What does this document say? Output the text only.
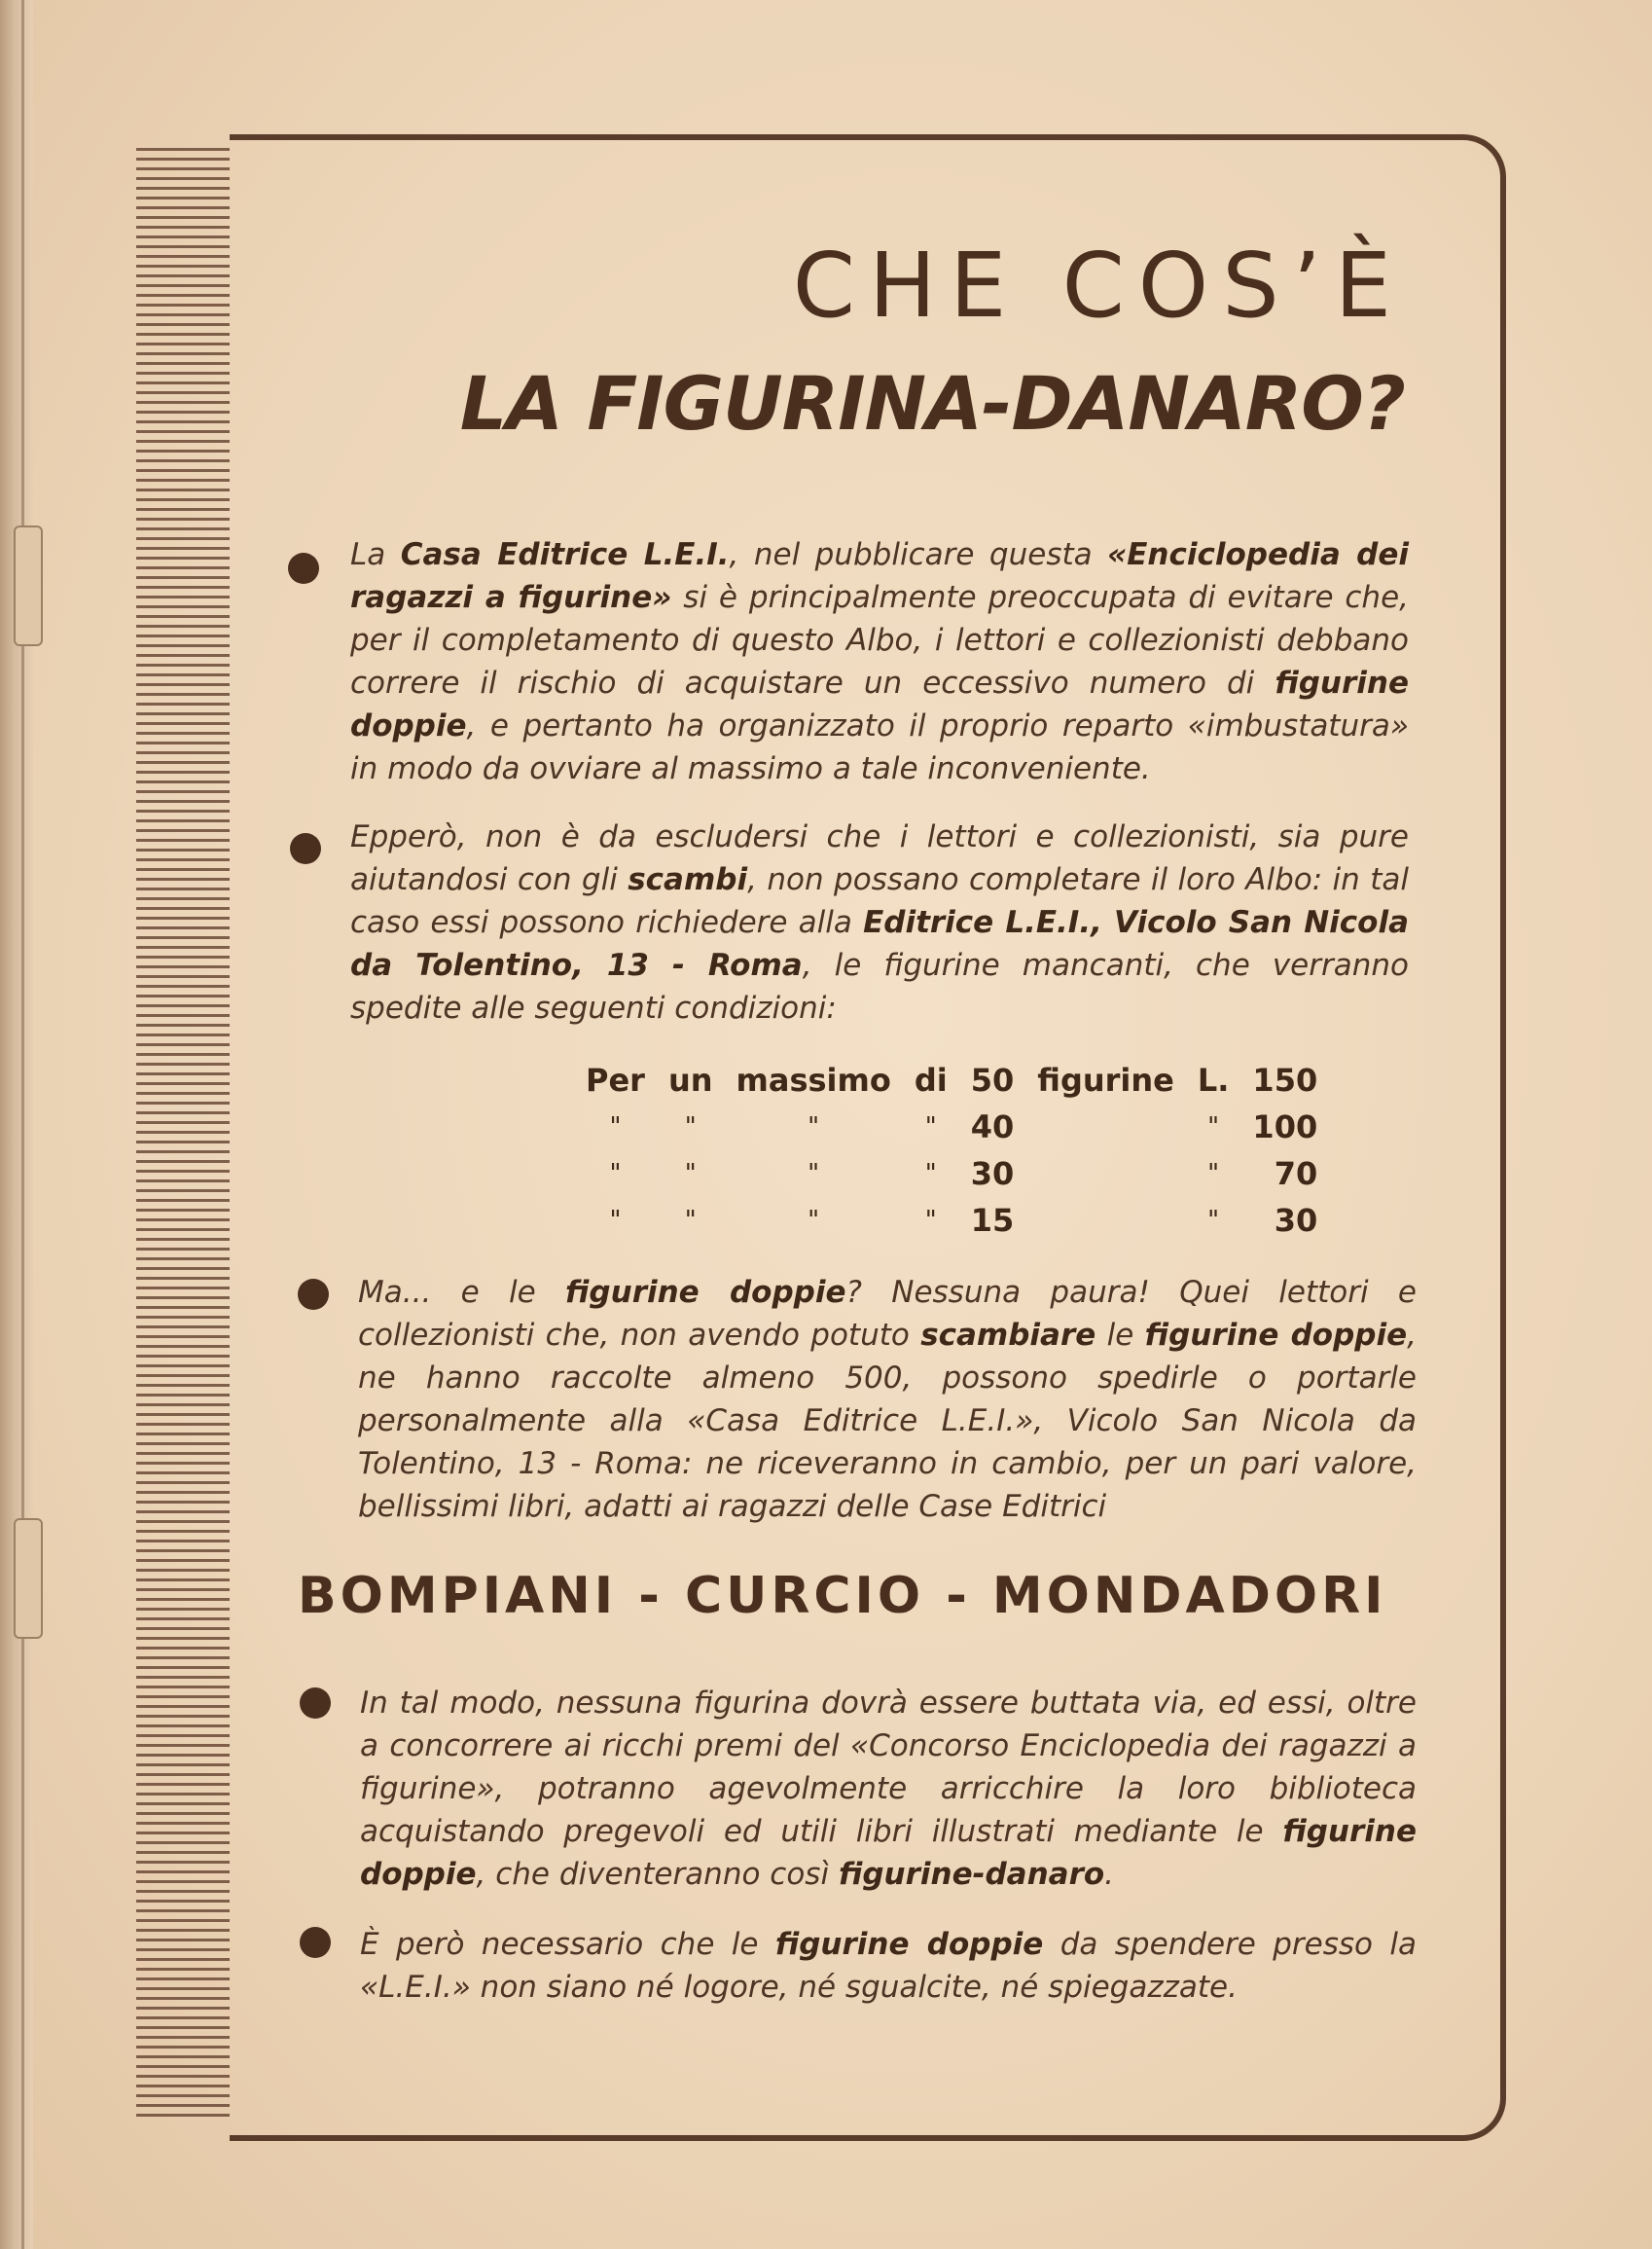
CHE COS’È
LA FIGURINA-DANARO?

La Casa Editrice L.E.I., nel pubblicare questa «Enciclopedia dei ragazzi a figurine» si è principalmente preoccupata di evitare che, per il completamento di questo Albo, i lettori e collezionisti debbano correre il rischio di acquistare un eccessivo numero di figurine doppie, e pertanto ha organizzato il proprio reparto «imbustatura» in modo da ovviare al massimo a tale inconveniente.

Epperò, non è da escludersi che i lettori e collezionisti, sia pure aiutandosi con gli scambi, non possano completare il loro Albo: in tal caso essi possono richiedere alla Editrice L.E.I., Vicolo San Nicola da Tolentino, 13 - Roma, le figurine mancanti, che verranno spedite alle seguenti condizioni:

Per	un	massimo	di	50	figurine	L.	150
"	"	"	"	40		"	100
"	"	"	"	30		"	70
"	"	"	"	15		"	30

Ma... e le figurine doppie? Nessuna paura! Quei lettori e collezionisti che, non avendo potuto scambiare le figurine doppie, ne hanno raccolte almeno 500, possono spedirle o portarle personalmente alla «Casa Editrice L.E.I.», Vicolo San Nicola da Tolentino, 13 - Roma: ne riceveranno in cambio, per un pari valore, bellissimi libri, adatti ai ragazzi delle Case Editrici

BOMPIANI - CURCIO - MONDADORI

In tal modo, nessuna figurina dovrà essere buttata via, ed essi, oltre a concorrere ai ricchi premi del «Concorso Enciclopedia dei ragazzi a figurine», potranno agevolmente arricchire la loro biblioteca acquistando pregevoli ed utili libri illustrati mediante le figurine doppie, che diventeranno così figurine-danaro.

È però necessario che le figurine doppie da spendere presso la «L.E.I.» non siano né logore, né sgualcite, né spiegazzate.
